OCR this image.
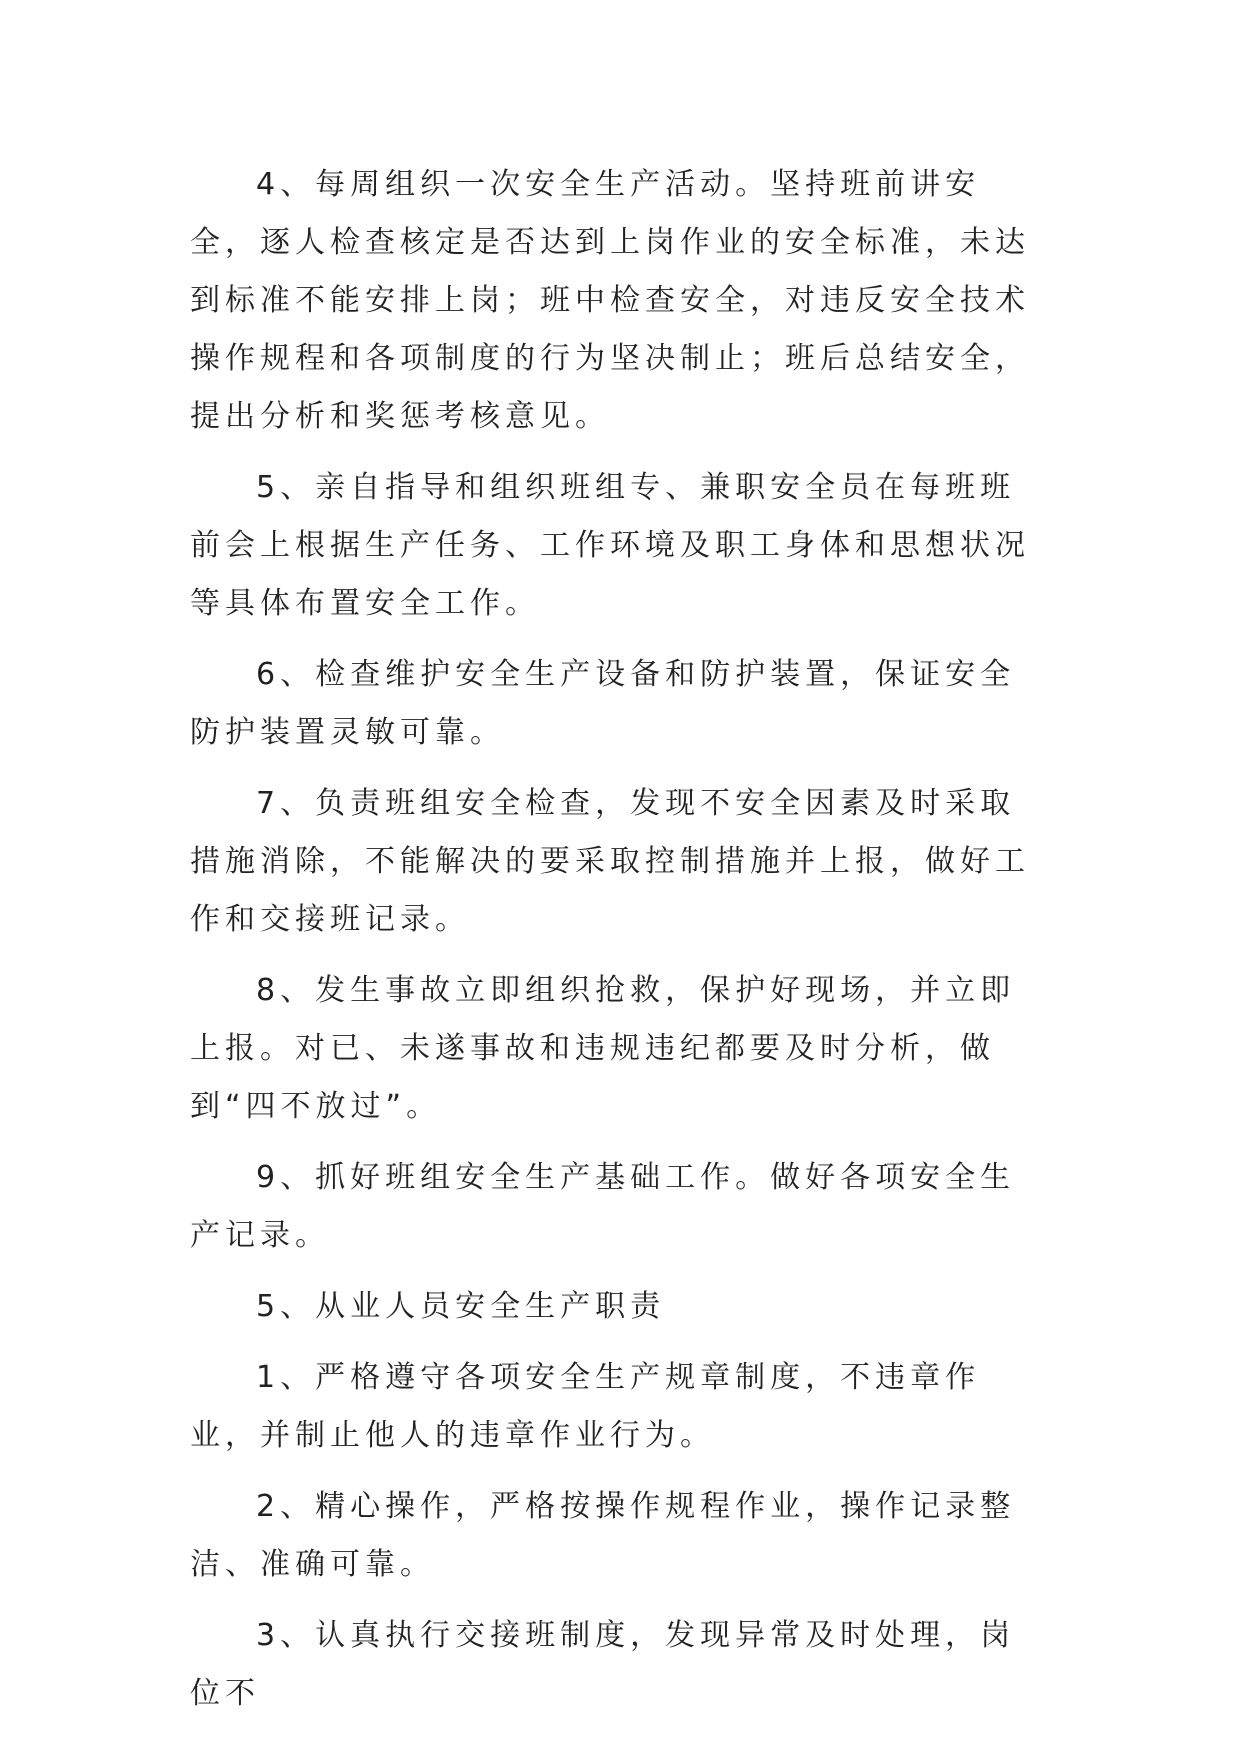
4、每周组织一次安全生产活动。坚持班前讲安全，逐人检查核定是否达到上岗作业的安全标准，未达到标准不能安排上岗；班中检查安全，对违反安全技术操作规程和各项制度的行为坚决制止；班后总结安全，提出分析和奖惩考核意见。

5、亲自指导和组织班组专、兼职安全员在每班班前会上根据生产任务、工作环境及职工身体和思想状况等具体布置安全工作。

6、检查维护安全生产设备和防护装置，保证安全防护装置灵敏可靠。

7、负责班组安全检查，发现不安全因素及时采取措施消除，不能解决的要采取控制措施并上报，做好工作和交接班记录。

8、发生事故立即组织抢救，保护好现场，并立即上报。对已、未遂事故和违规违纪都要及时分析，做到“四不放过”。

9、抓好班组安全生产基础工作。做好各项安全生产记录。

5、从业人员安全生产职责

1、严格遵守各项安全生产规章制度，不违章作业，并制止他人的违章作业行为。

2、精心操作，严格按操作规程作业，操作记录整洁、准确可靠。

3、认真执行交接班制度，发现异常及时处理，岗位不
